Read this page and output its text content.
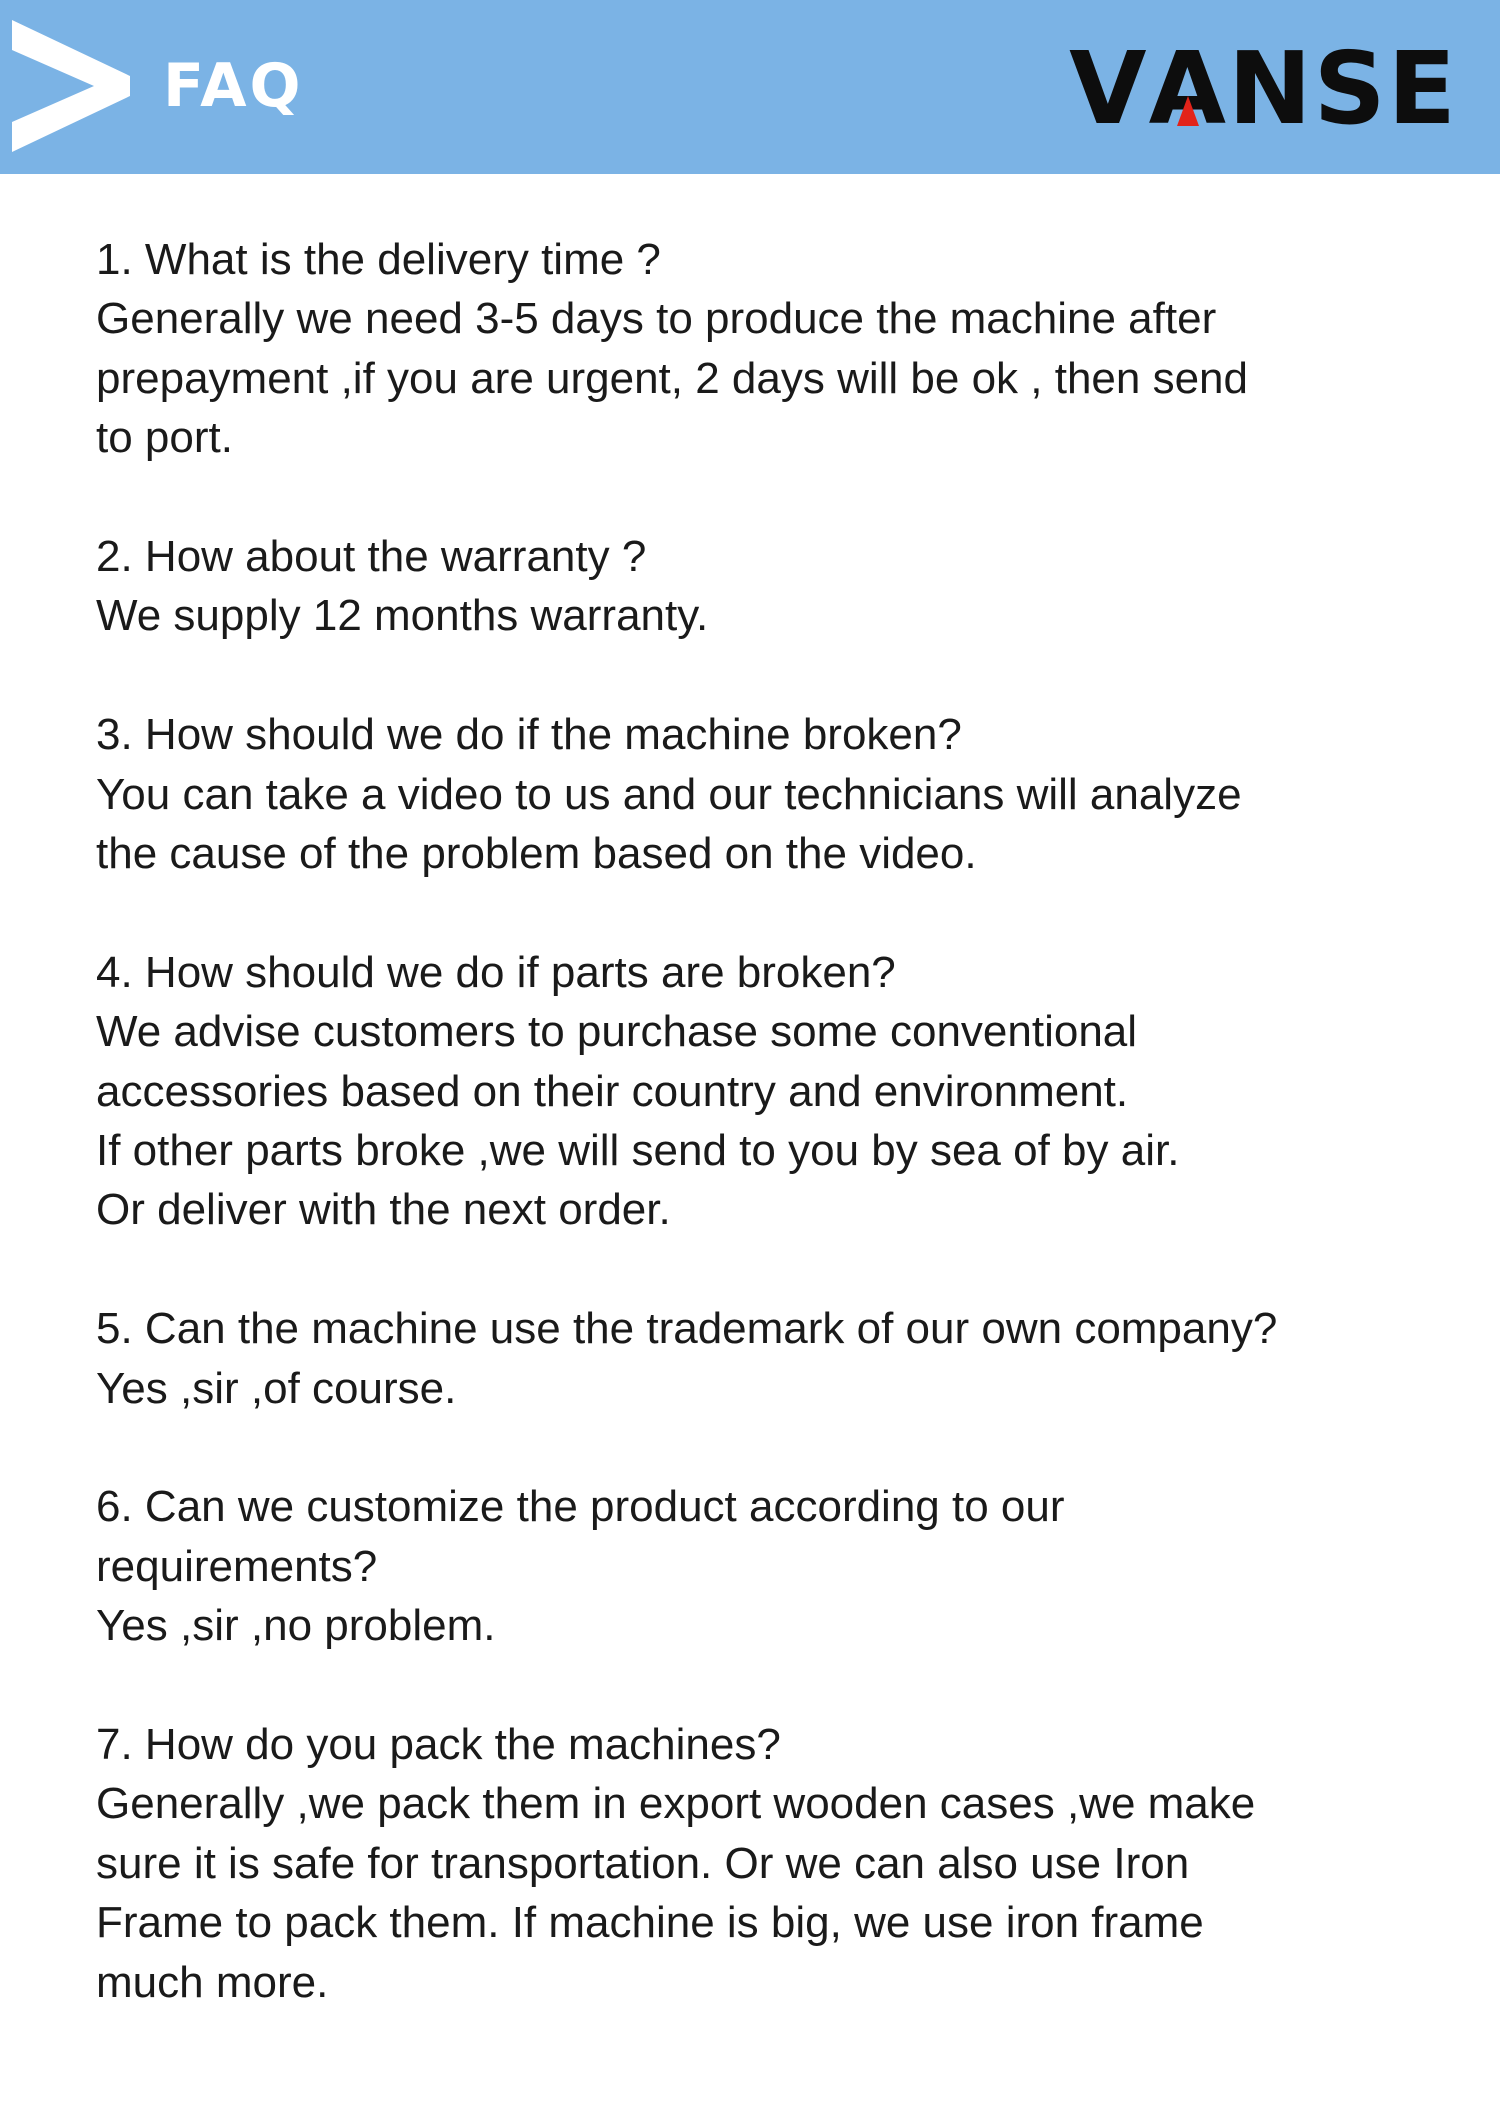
FAQ	V A NSE

1. What is the delivery time ?

Generally we need 3-5 days to produce the machine after

prepayment ,if you are urgent, 2 days will be ok , then send

to port.

2. How about the warranty ?

We supply 12 months warranty.

3. How should we do if the machine broken?

You can take a video to us and our technicians will analyze

the cause of the problem based on the video.

4. How should we do if parts are broken?

We advise customers to purchase some conventional

accessories based on their country and environment.

If other parts broke ,we will send to you by sea of by air.

Or deliver with the next order.

5. Can the machine use the trademark of our own company?

Yes ,sir ,of course.

6. Can we customize the product according to our

requirements?

Yes ,sir ,no problem.

7. How do you pack the machines?

Generally ,we pack them in export wooden cases ,we make

sure it is safe for transportation. Or we can also use Iron

Frame to pack them. If machine is big, we use iron frame

much more.
